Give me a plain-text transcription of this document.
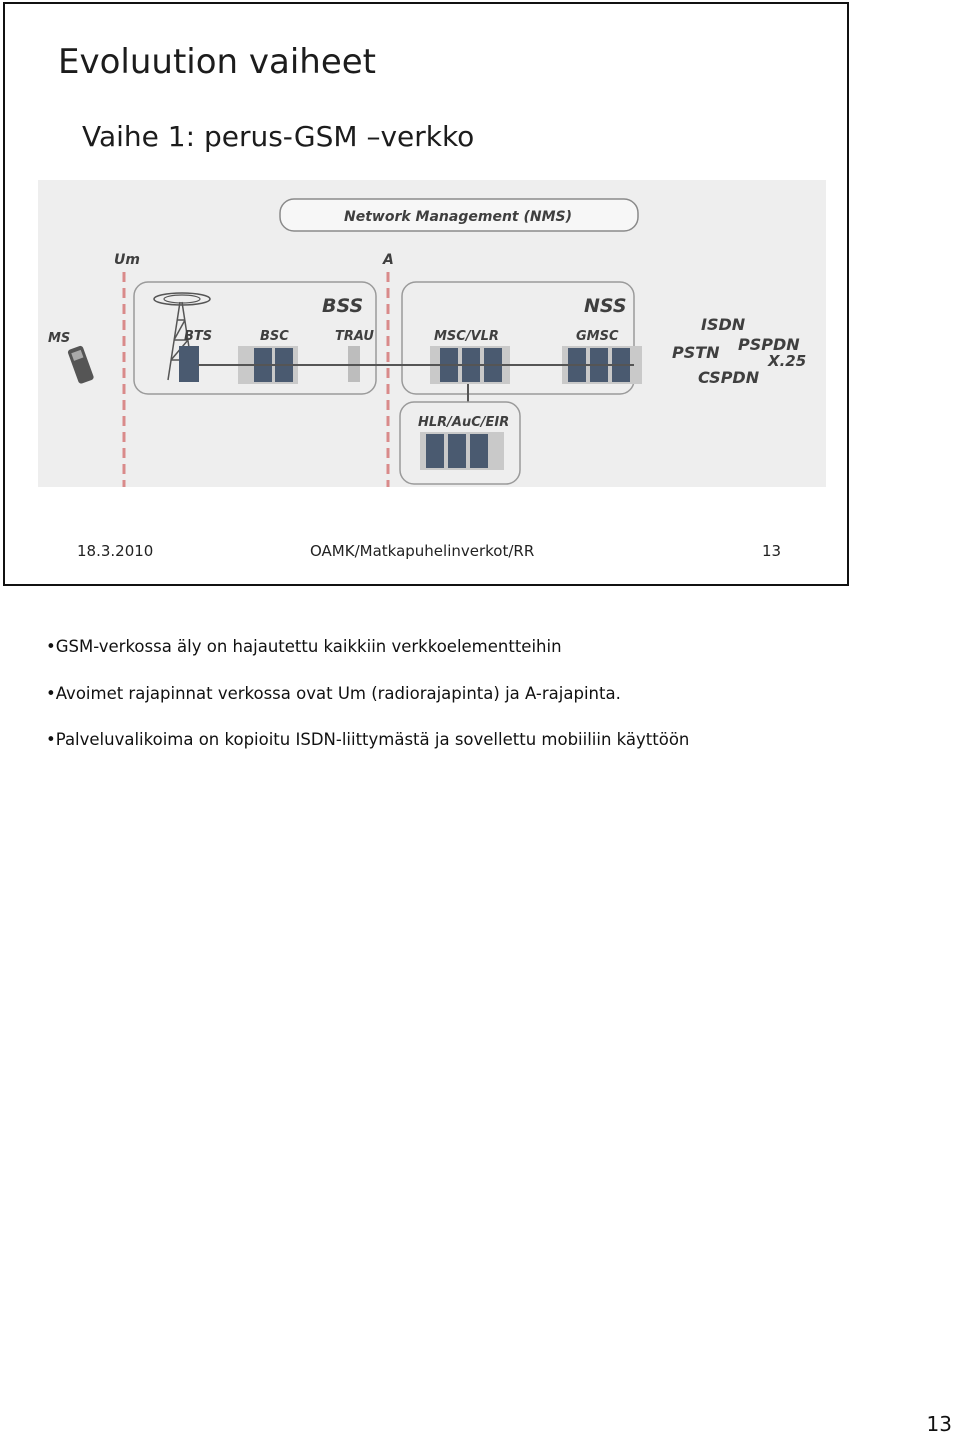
Evoluution vaiheet
Vaihe 1: perus-GSM –verkko
Network Management (NMS)
Um	A
BSS	NSS
MS	BTS	BSC	TRAU	MSC/VLR	GMSC
HLR/AuC/EIR
ISDN
PSTN PSPDN
X.25
CSPDN
18.3.2010	OAMK/Matkapuhelinverkot/RR	13
•GSM-verkossa äly on hajautettu kaikkiin verkkoelementteihin
•Avoimet rajapinnat verkossa ovat Um (radiorajapinta) ja A-rajapinta.
•Palveluvalikoima on kopioitu ISDN-liittymästä ja sovellettu mobiiliin käyttöön
13
